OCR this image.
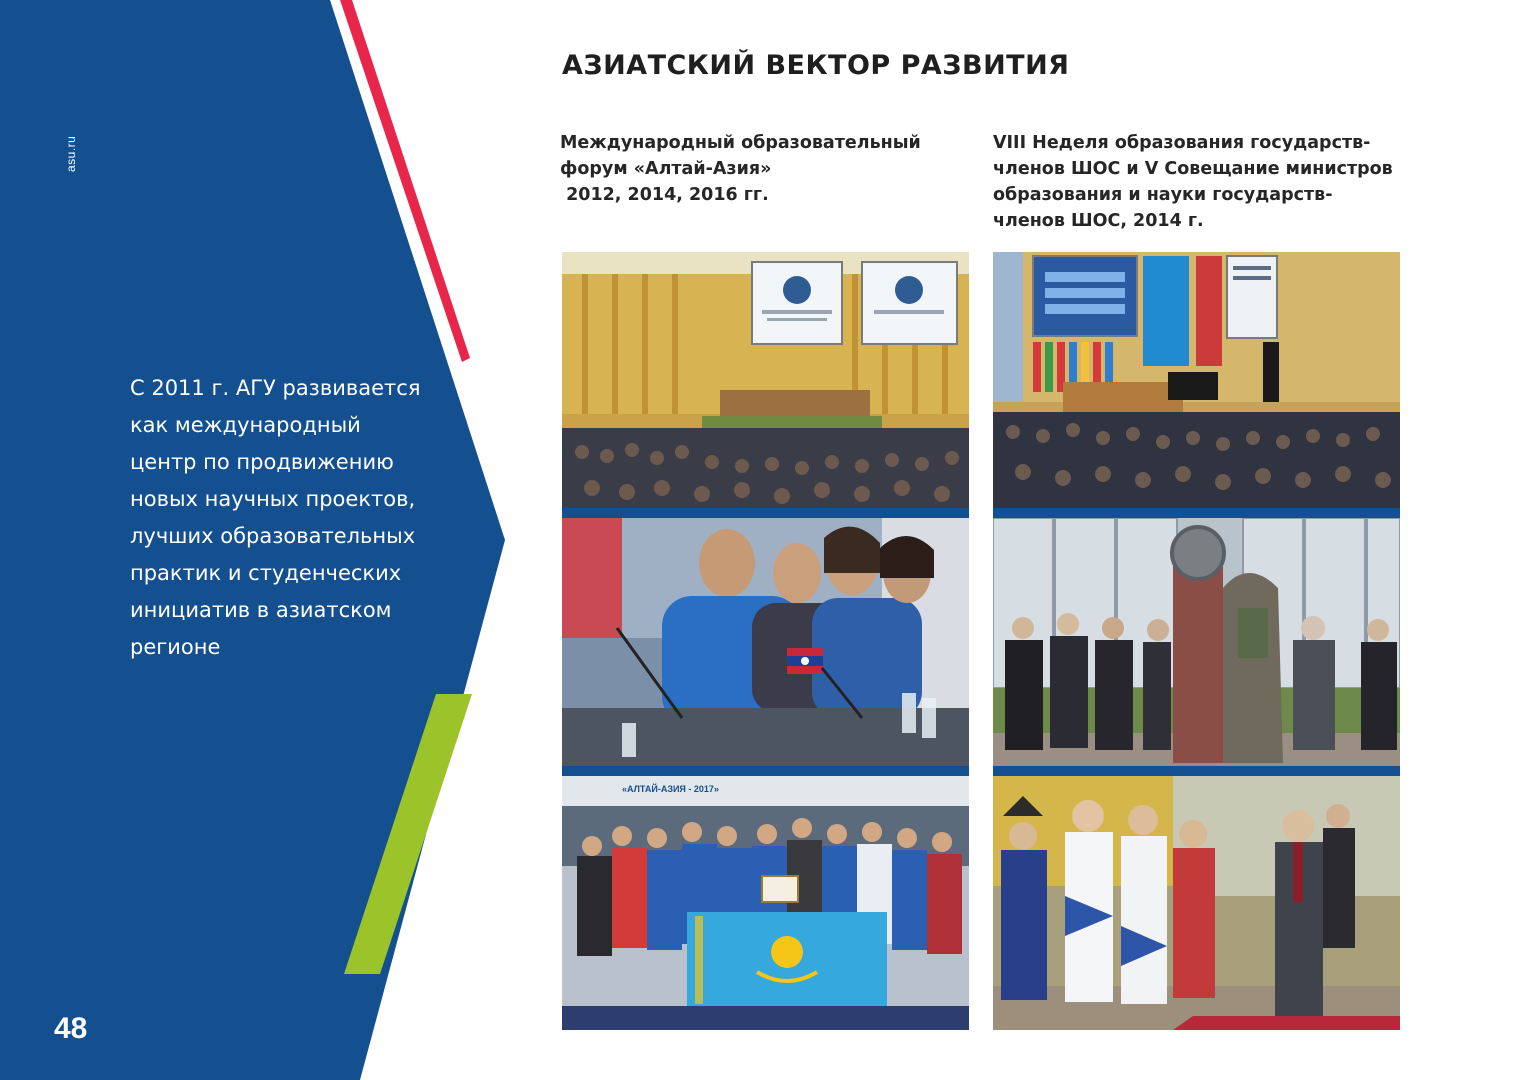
asu.ru
С 2011 г. АГУ развивается
как международный
центр по продвижению
новых научных проектов,
лучших образовательных
практик и студенческих
инициатив в азиатском
регионе
48
АЗИАТСКИЙ ВЕКТОР РАЗВИТИЯ
Международный образовательный
форум «Алтай-Азия»
2012, 2014, 2016 гг.
VIII Неделя образования государств-
членов ШОС и V Совещание министров
образования и науки государств-
членов ШОС, 2014 г.
«АЛТАЙ-АЗИЯ - 2017»
